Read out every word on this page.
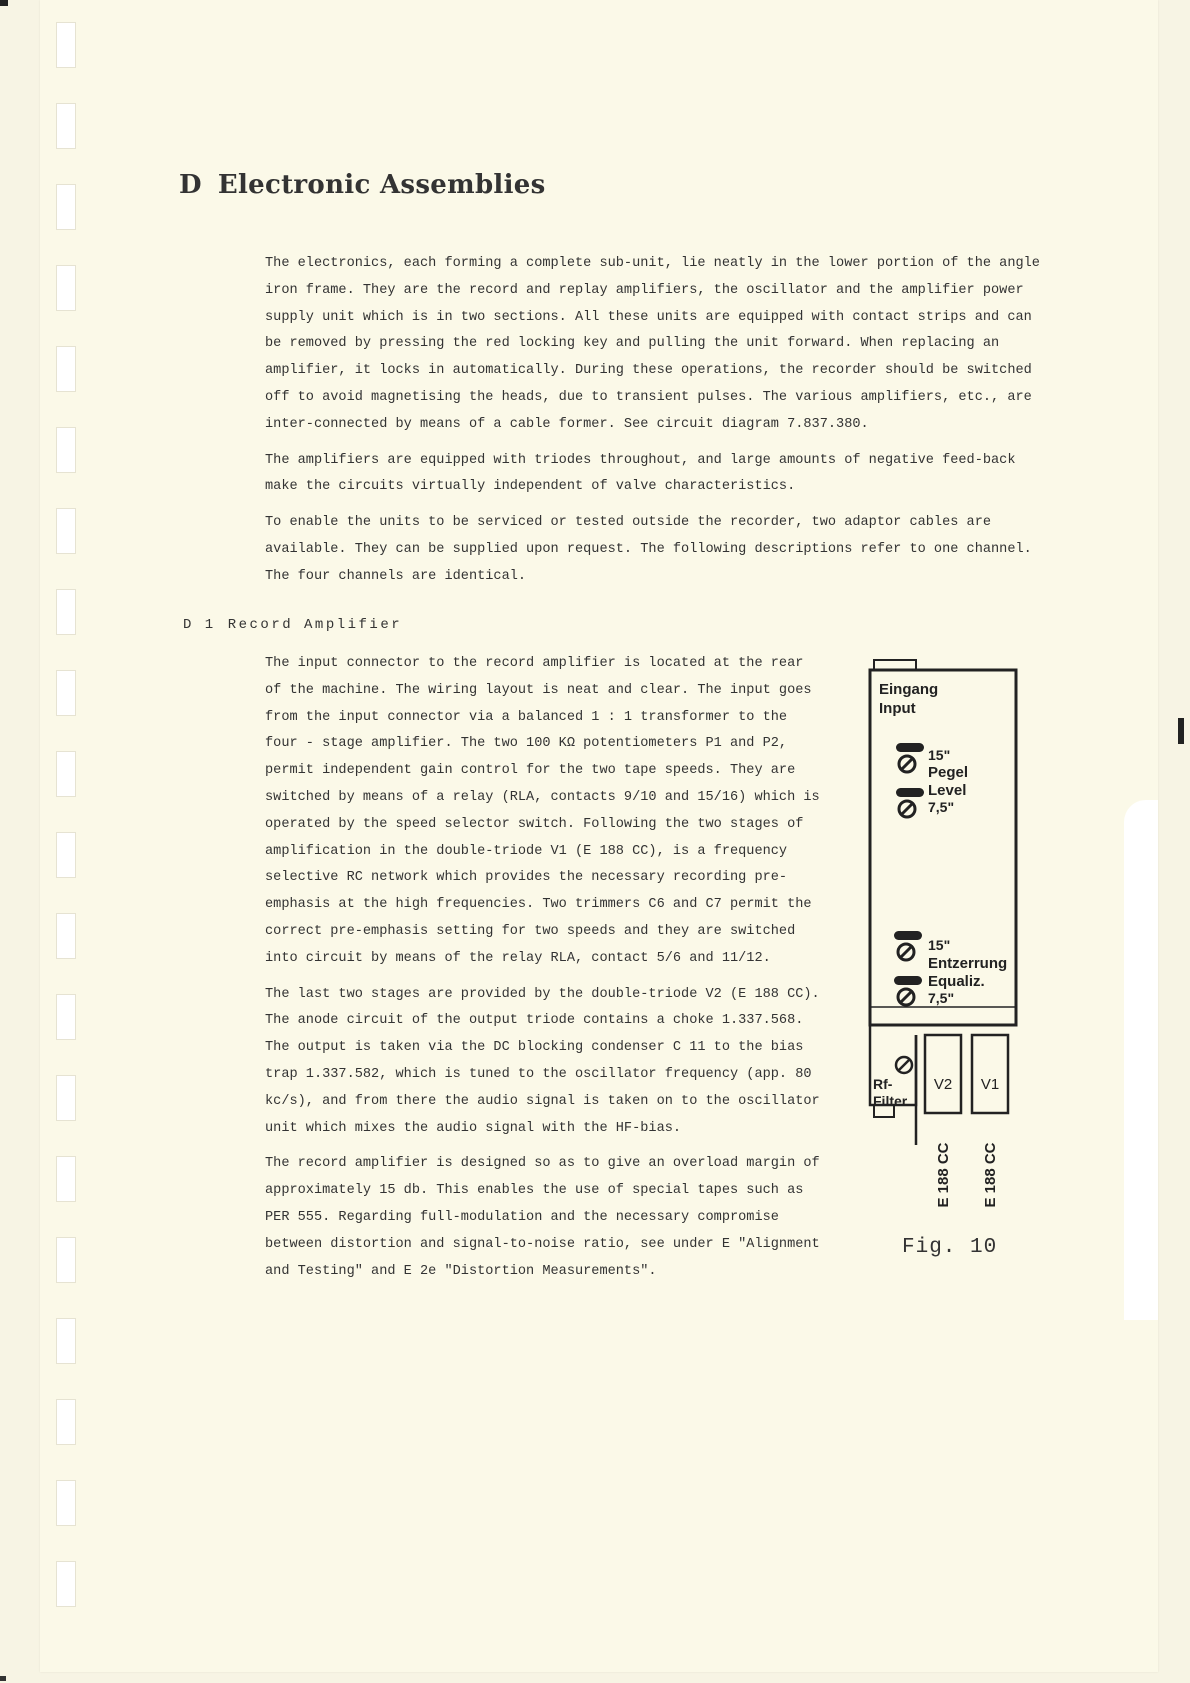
D Electronic Assemblies

The electronics, each forming a complete sub-unit, lie neatly in the lower portion of the angle iron frame. They are the record and replay amplifiers, the oscillator and the amplifier power supply unit which is in two sections. All these units are equipped with contact strips and can be removed by pressing the red locking key and pulling the unit forward. When replacing an amplifier, it locks in automatically. During these operations, the recorder should be switched off to avoid magnetising the heads, due to transient pulses. The various amplifiers, etc., are inter-connected by means of a cable former. See circuit diagram 7.837.380.

The amplifiers are equipped with triodes throughout, and large amounts of negative feed-back make the circuits virtually independent of valve characteristics.

To enable the units to be serviced or tested outside the recorder, two adaptor cables are available. They can be supplied upon request. The following descriptions refer to one channel. The four channels are identical.

D 1 Record Amplifier

The input connector to the record amplifier is located at the rear of the machine. The wiring layout is neat and clear. The input goes from the input connector via a balanced 1 : 1 transformer to the four - stage amplifier. The two 100 KΩ potentiometers P1 and P2, permit independent gain control for the two tape speeds. They are switched by means of a relay (RLA, contacts 9/10 and 15/16) which is operated by the speed selector switch. Following the two stages of amplification in the double-triode V1 (E 188 CC), is a frequency selective RC network which provides the necessary recording pre-emphasis at the high frequencies. Two trimmers C6 and C7 permit the correct pre-emphasis setting for two speeds and they are switched into circuit by means of the relay RLA, contact 5/6 and 11/12.

The last two stages are provided by the double-triode V2 (E 188 CC). The anode circuit of the output triode contains a choke 1.337.568. The output is taken via the DC blocking condenser C 11 to the bias trap 1.337.582, which is tuned to the oscillator frequency (app. 80 kc/s), and from there the audio signal is taken on to the oscillator unit which mixes the audio signal with the HF-bias.

The record amplifier is designed so as to give an overload margin of approximately 15 db. This enables the use of special tapes such as PER 555. Regarding full-modulation and the necessary compromise between distortion and signal-to-noise ratio, see under E "Alignment and Testing" and E 2e "Distortion Measurements".

Eingang
Input
15"
Pegel
Level
7,5"
15"
Entzerrung
Equaliz.
7,5"
Rf-
Filter
V2 V1
E 188 CC E 188 CC

Fig. 10
